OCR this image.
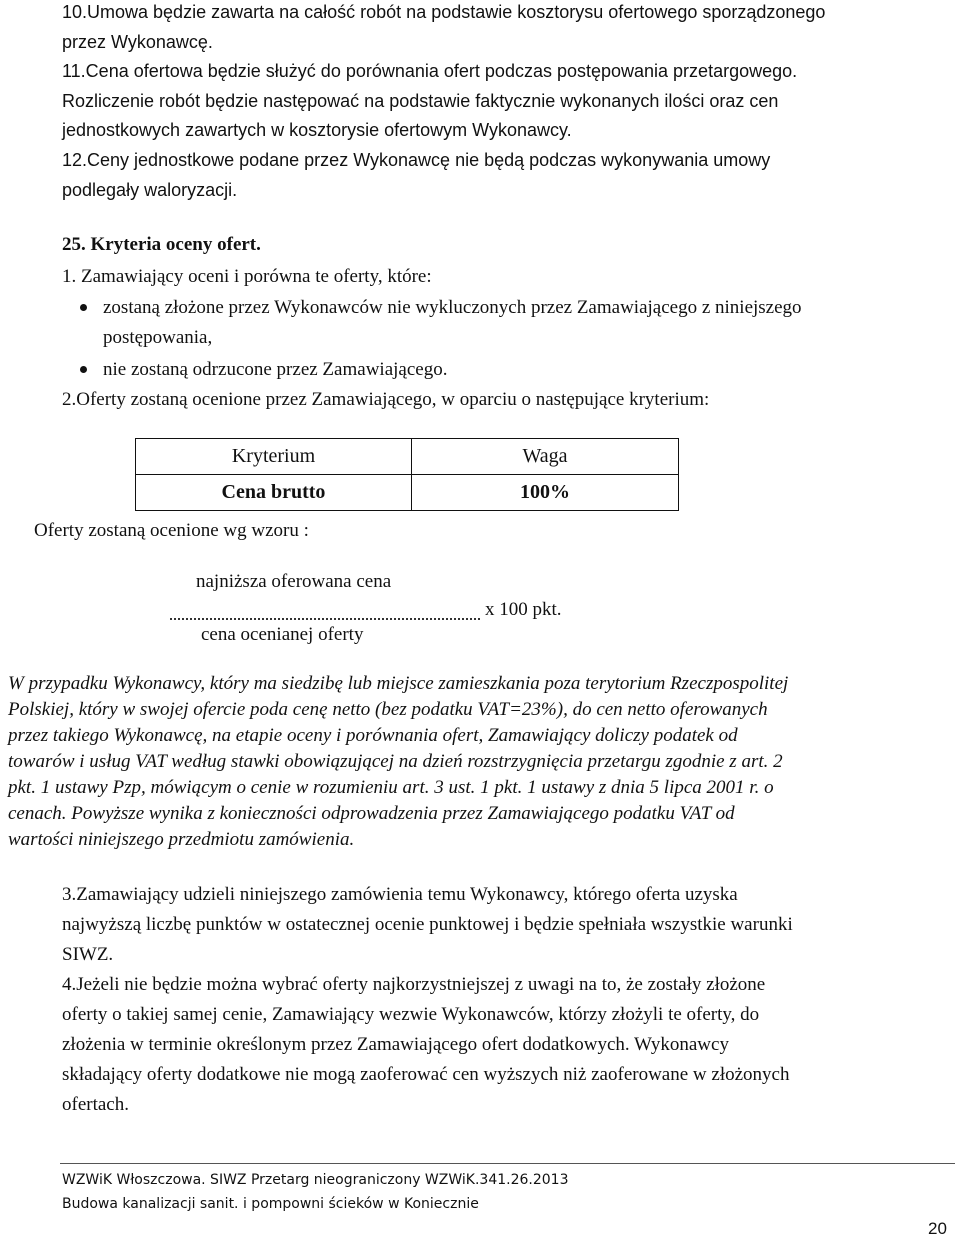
10.Umowa będzie zawarta na całość robót na podstawie kosztorysu ofertowego sporządzonego
przez Wykonawcę.
11.Cena ofertowa będzie służyć do porównania ofert podczas postępowania przetargowego.
Rozliczenie robót będzie następować na podstawie faktycznie wykonanych ilości oraz cen
jednostkowych zawartych w kosztorysie ofertowym Wykonawcy.
12.Ceny jednostkowe podane przez Wykonawcę nie będą podczas wykonywania umowy
podlegały waloryzacji.
25. Kryteria oceny ofert.
1. Zamawiający oceni i porówna te oferty, które:
zostaną złożone przez Wykonawców nie wykluczonych przez Zamawiającego z niniejszego
postępowania,
nie zostaną odrzucone przez Zamawiającego.
2.Oferty zostaną ocenione przez Zamawiającego, w oparciu o następujące kryterium:
Kryterium	Waga
Cena brutto	100%
Oferty zostaną ocenione wg wzoru :
najniższa oferowana cena
x 100 pkt.
cena ocenianej oferty
W przypadku Wykonawcy, który ma siedzibę lub miejsce zamieszkania poza terytorium Rzeczpospolitej
Polskiej, który w swojej ofercie poda cenę netto (bez podatku VAT=23%), do cen netto oferowanych
przez takiego Wykonawcę, na etapie oceny i porównania ofert, Zamawiający doliczy podatek od
towarów i usług VAT według stawki obowiązującej na dzień rozstrzygnięcia przetargu zgodnie z art. 2
pkt. 1 ustawy Pzp, mówiącym o cenie w rozumieniu art. 3 ust. 1 pkt. 1 ustawy z dnia 5 lipca 2001 r. o
cenach. Powyższe wynika z konieczności odprowadzenia przez Zamawiającego podatku VAT od
wartości niniejszego przedmiotu zamówienia.
3.Zamawiający udzieli niniejszego zamówienia temu Wykonawcy, którego oferta uzyska
najwyższą liczbę punktów w ostatecznej ocenie punktowej i będzie spełniała wszystkie warunki
SIWZ.
4.Jeżeli nie będzie można wybrać oferty najkorzystniejszej z uwagi na to, że zostały złożone
oferty o takiej samej cenie, Zamawiający wezwie Wykonawców, którzy złożyli te oferty, do
złożenia w terminie określonym przez Zamawiającego ofert dodatkowych. Wykonawcy
składający oferty dodatkowe nie mogą zaoferować cen wyższych niż zaoferowane w złożonych
ofertach.
WZWiK Włoszczowa. SIWZ Przetarg nieograniczony WZWiK.341.26.2013
Budowa kanalizacji sanit. i pompowni ścieków w Koniecznie
20
